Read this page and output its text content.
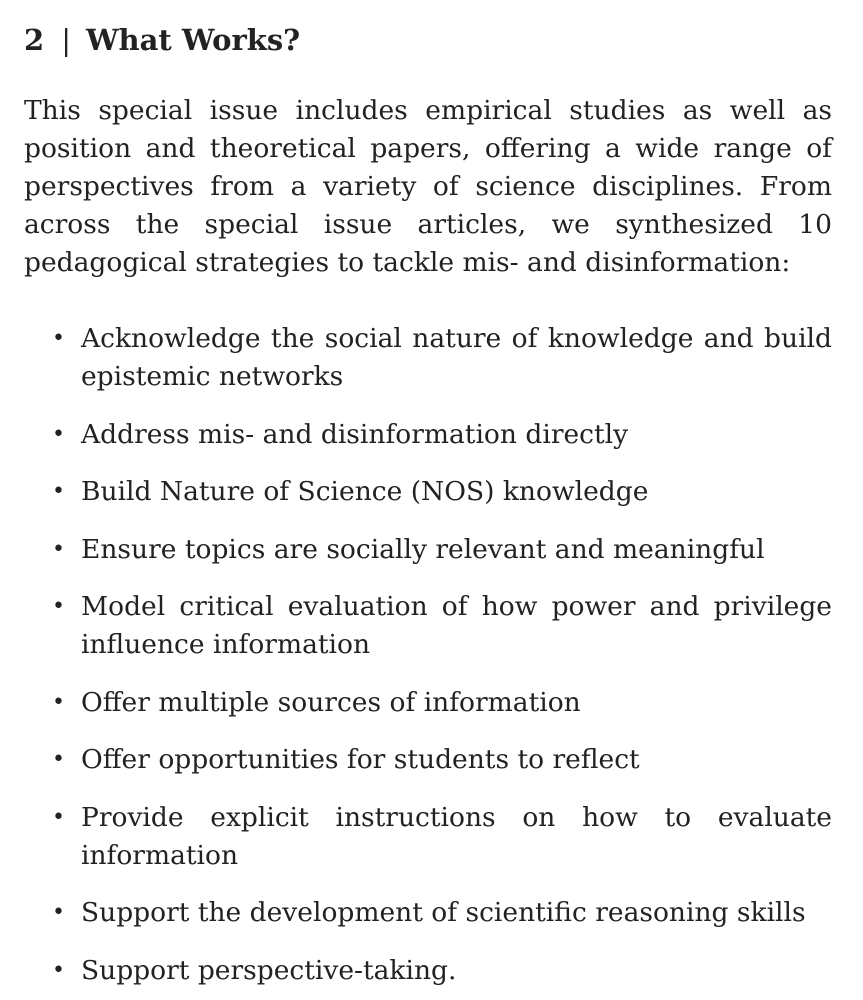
2 | What Works?

This special issue includes empirical studies as well as position and theoretical papers, offering a wide range of perspectives from a variety of science disciplines. From across the special issue articles, we synthesized 10 pedagogical strategies to tackle mis- and disinformation:

• Acknowledge the social nature of knowledge and build epistemic networks
• Address mis- and disinformation directly
• Build Nature of Science (NOS) knowledge
• Ensure topics are socially relevant and meaningful
• Model critical evaluation of how power and privilege influence information
• Offer multiple sources of information
• Offer opportunities for students to reflect
• Provide explicit instructions on how to evaluate information
• Support the development of scientific reasoning skills
• Support perspective-taking.
